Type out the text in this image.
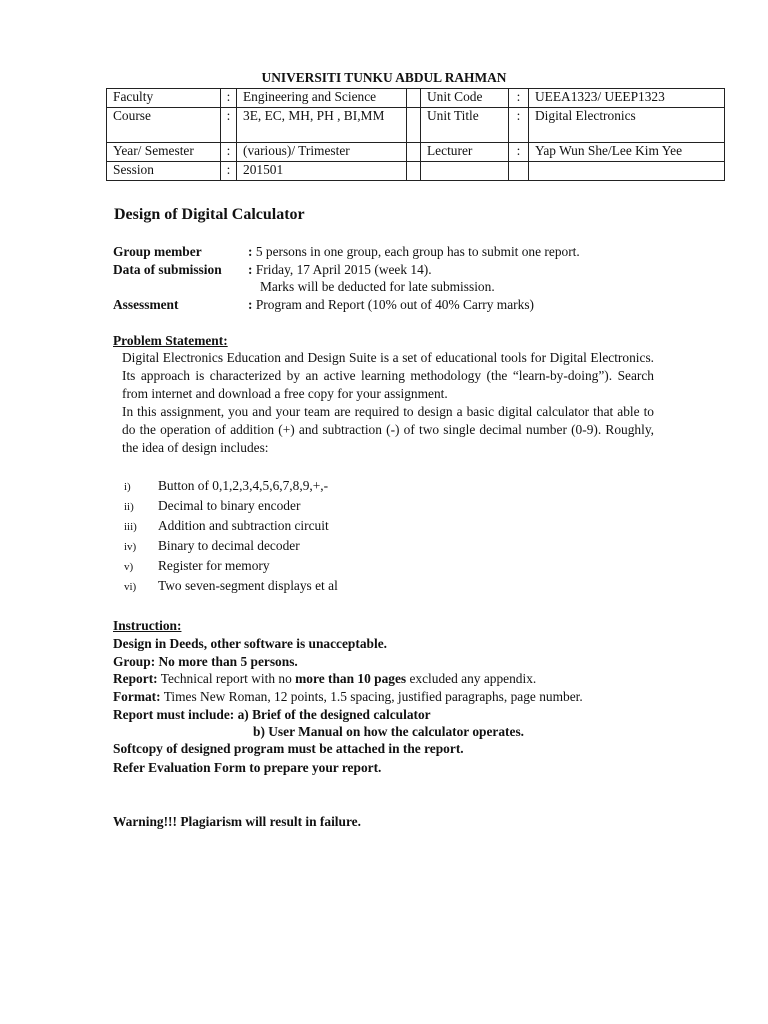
UNIVERSITI TUNKU ABDUL RAHMAN
Faculty	:	Engineering and Science		Unit Code	:	UEEA1323/ UEEP1323
Course	:	3E, EC, MH, PH , BI,MM		Unit Title	:	Digital Electronics
Year/ Semester	:	(various)/ Trimester		Lecturer	:	Yap Wun She/Lee Kim Yee
Session	:	201501				
Design of Digital Calculator
Group member	: 5 persons in one group, each group has to submit one report.
Data of submission : Friday, 17 April 2015 (week 14).
Marks will be deducted for late submission.
Assessment	: Program and Report (10% out of 40% Carry marks)
Problem Statement:

Digital Electronics Education and Design Suite is a set of educational tools for Digital Electronics. Its approach is characterized by an active learning methodology (the “learn-by-doing”). Search from internet and download a free copy for your assignment.

In this assignment, you and your team are required to design a basic digital calculator that able to do the operation of addition (+) and subtraction (-) of two single decimal number (0-9). Roughly, the idea of design includes:

i) Button of 0,1,2,3,4,5,6,7,8,9,+,-
ii) Decimal to binary encoder
iii) Addition and subtraction circuit
iv) Binary to decimal decoder
v) Register for memory
vi) Two seven-segment displays et al
Instruction:
Design in Deeds, other software is unacceptable.
Group: No more than 5 persons.
Report: Technical report with no more than 10 pages excluded any appendix.
Format: Times New Roman, 12 points, 1.5 spacing, justified paragraphs, page number.
Report must include: a) Brief of the designed calculator
b) User Manual on how the calculator operates.
Softcopy of designed program must be attached in the report.
Refer Evaluation Form to prepare your report.
Warning!!! Plagiarism will result in failure.
